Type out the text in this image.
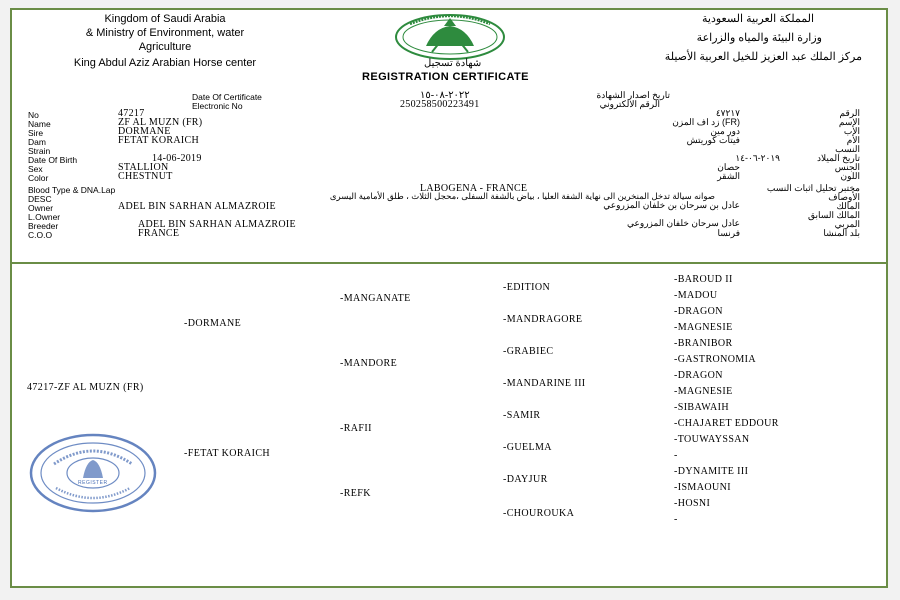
Kingdom of Saudi Arabia
& Ministry of Environment, water
Agriculture
King Abdul Aziz Arabian Horse center
المملكة العربية السعودية
وزارة البيئة والمياه والزراعة
مركز الملك عبد العزيز للخيل العربية الأصيلة
شهادة تسجيل
REGISTRATION CERTIFICATE
Date Of Certificate	٢٠٢٢-٠٨-١٥	تاريخ اصدار الشهادة
Electronic No	2502585002234​91	الرقم الالكتروني
No	47217	٤٧٢١٧	الرقم
Name	ZF AL MUZN (FR)	(FR) زد اف المزن	الاسم
Sire	DORMANE	دور مين	الأب
Dam	FETAT KORAICH	فيتات كوريتش	الأم
Strain	النسب
Date Of Birth	14-06-2019	٢٠١٩-٠٦-١٤	تاريخ الميلاد
Sex	STALLION	حصان	الجنس
Color	CHESTNUT	الشقر	اللون
Blood Type & DNA.Lap	LABOGENA - FRANCE	مختبر تحليل اثبات النسب
DESC	صوانه سيالة تدخل المنخرين الى نهاية الشفة العليا ، بياض بالشفة السفلى ،محجل الثلاث ، طلق الأمامية اليسرى	الأوصاف
Owner	ADEL BIN SARHAN ALMAZROIE	عادل بن سرحان بن خلفان المزروعي	المالك
L.Owner	المالك السابق
Breeder	ADEL BIN SARHAN ALMAZROIE	عادل سرحان خلفان المزروعي	المربي
C.O.O	FRANCE	فرنسا	بلد المنشا
47217-ZF AL MUZN (FR)
-DORMANE
-FETAT KORAICH
-MANGANATE
-MANDORE
-RAFII
-REFK
-EDITION
-MANDRAGORE
-GRABIEC
-MANDARINE III
-SAMIR
-GUELMA
-DAYJUR
-CHOUROUKA
-BAROUD II
-MADOU
-DRAGON
-MAGNESIE
-BRANIBOR
-GASTRONOMIA
-DRAGON
-MAGNESIE
-SIBAWAIH
-CHAJARET EDDOUR
-TOUWAYSSAN
-
-DYNAMITE III
-ISMAOUNI
-HOSNI
-
REGISTER
